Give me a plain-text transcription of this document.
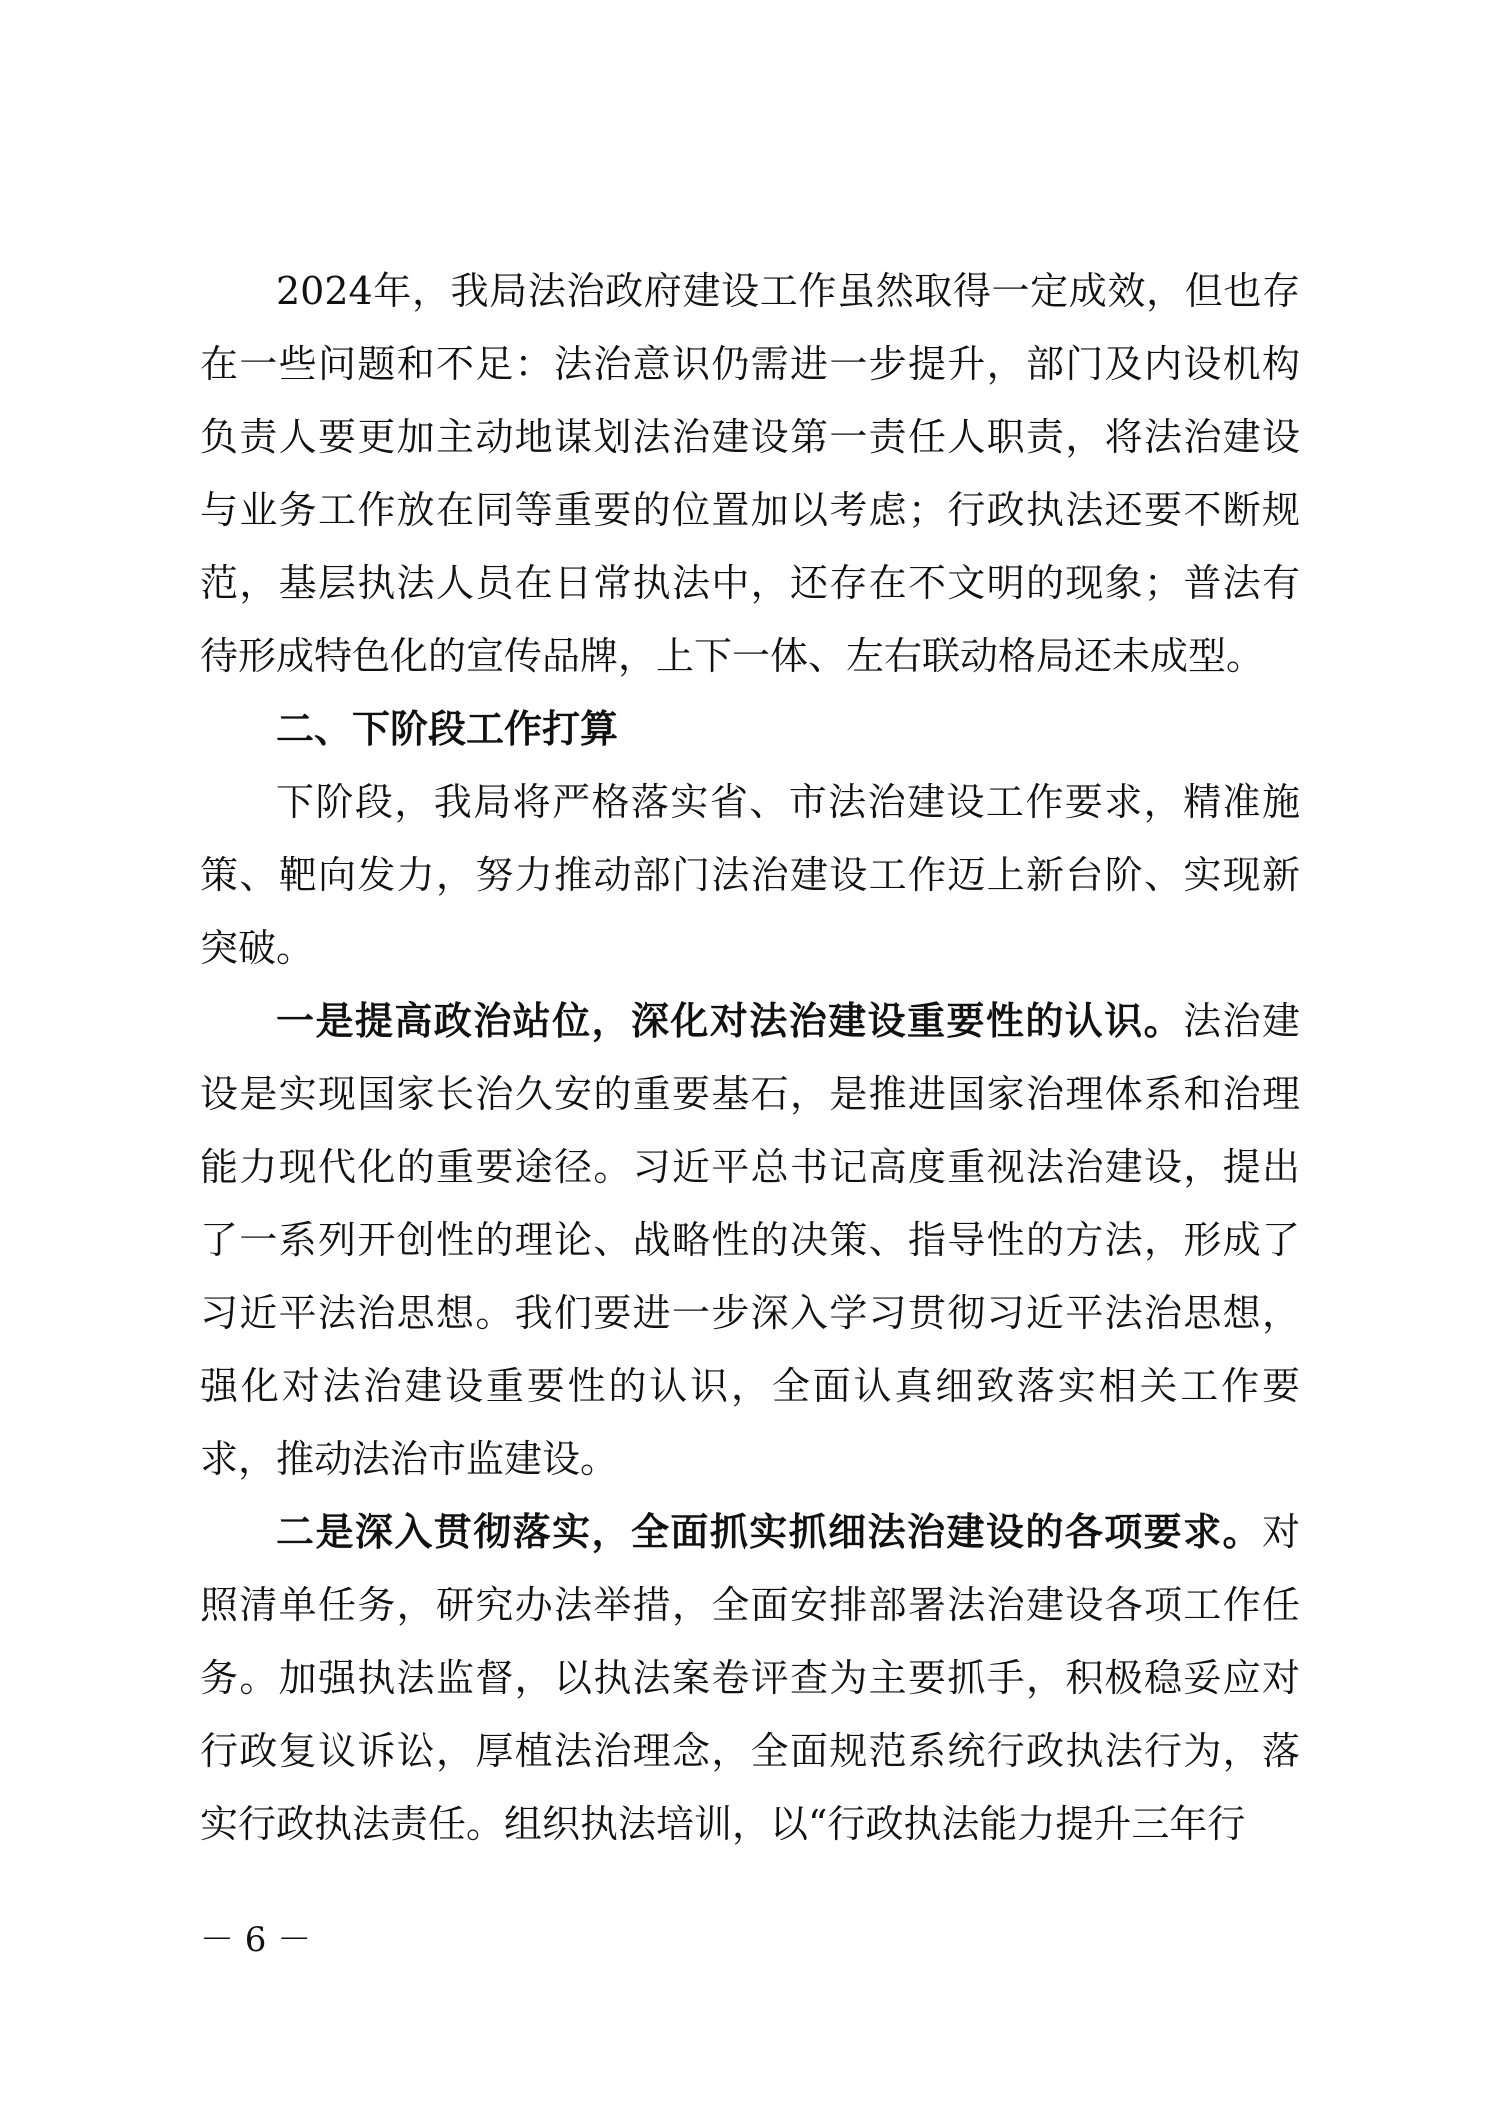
2024年，我局法治政府建设工作虽然取得一定成效，但也存在一些问题和不足：法治意识仍需进一步提升，部门及内设机构负责人要更加主动地谋划法治建设第一责任人职责，将法治建设与业务工作放在同等重要的位置加以考虑；行政执法还要不断规范，基层执法人员在日常执法中，还存在不文明的现象；普法有待形成特色化的宣传品牌，上下一体、左右联动格局还未成型。

二、下阶段工作打算

下阶段，我局将严格落实省、市法治建设工作要求，精准施策、靶向发力，努力推动部门法治建设工作迈上新台阶、实现新突破。

一是提高政治站位，深化对法治建设重要性的认识。法治建设是实现国家长治久安的重要基石，是推进国家治理体系和治理能力现代化的重要途径。习近平总书记高度重视法治建设，提出了一系列开创性的理论、战略性的决策、指导性的方法，形成了习近平法治思想。我们要进一步深入学习贯彻习近平法治思想，强化对法治建设重要性的认识，全面认真细致落实相关工作要求，推动法治市监建设。

二是深入贯彻落实，全面抓实抓细法治建设的各项要求。对照清单任务，研究办法举措，全面安排部署法治建设各项工作任务。加强执法监督，以执法案卷评查为主要抓手，积极稳妥应对行政复议诉讼，厚植法治理念，全面规范系统行政执法行为，落实行政执法责任。组织执法培训，以“行政执法能力提升三年行

－ 6 －
